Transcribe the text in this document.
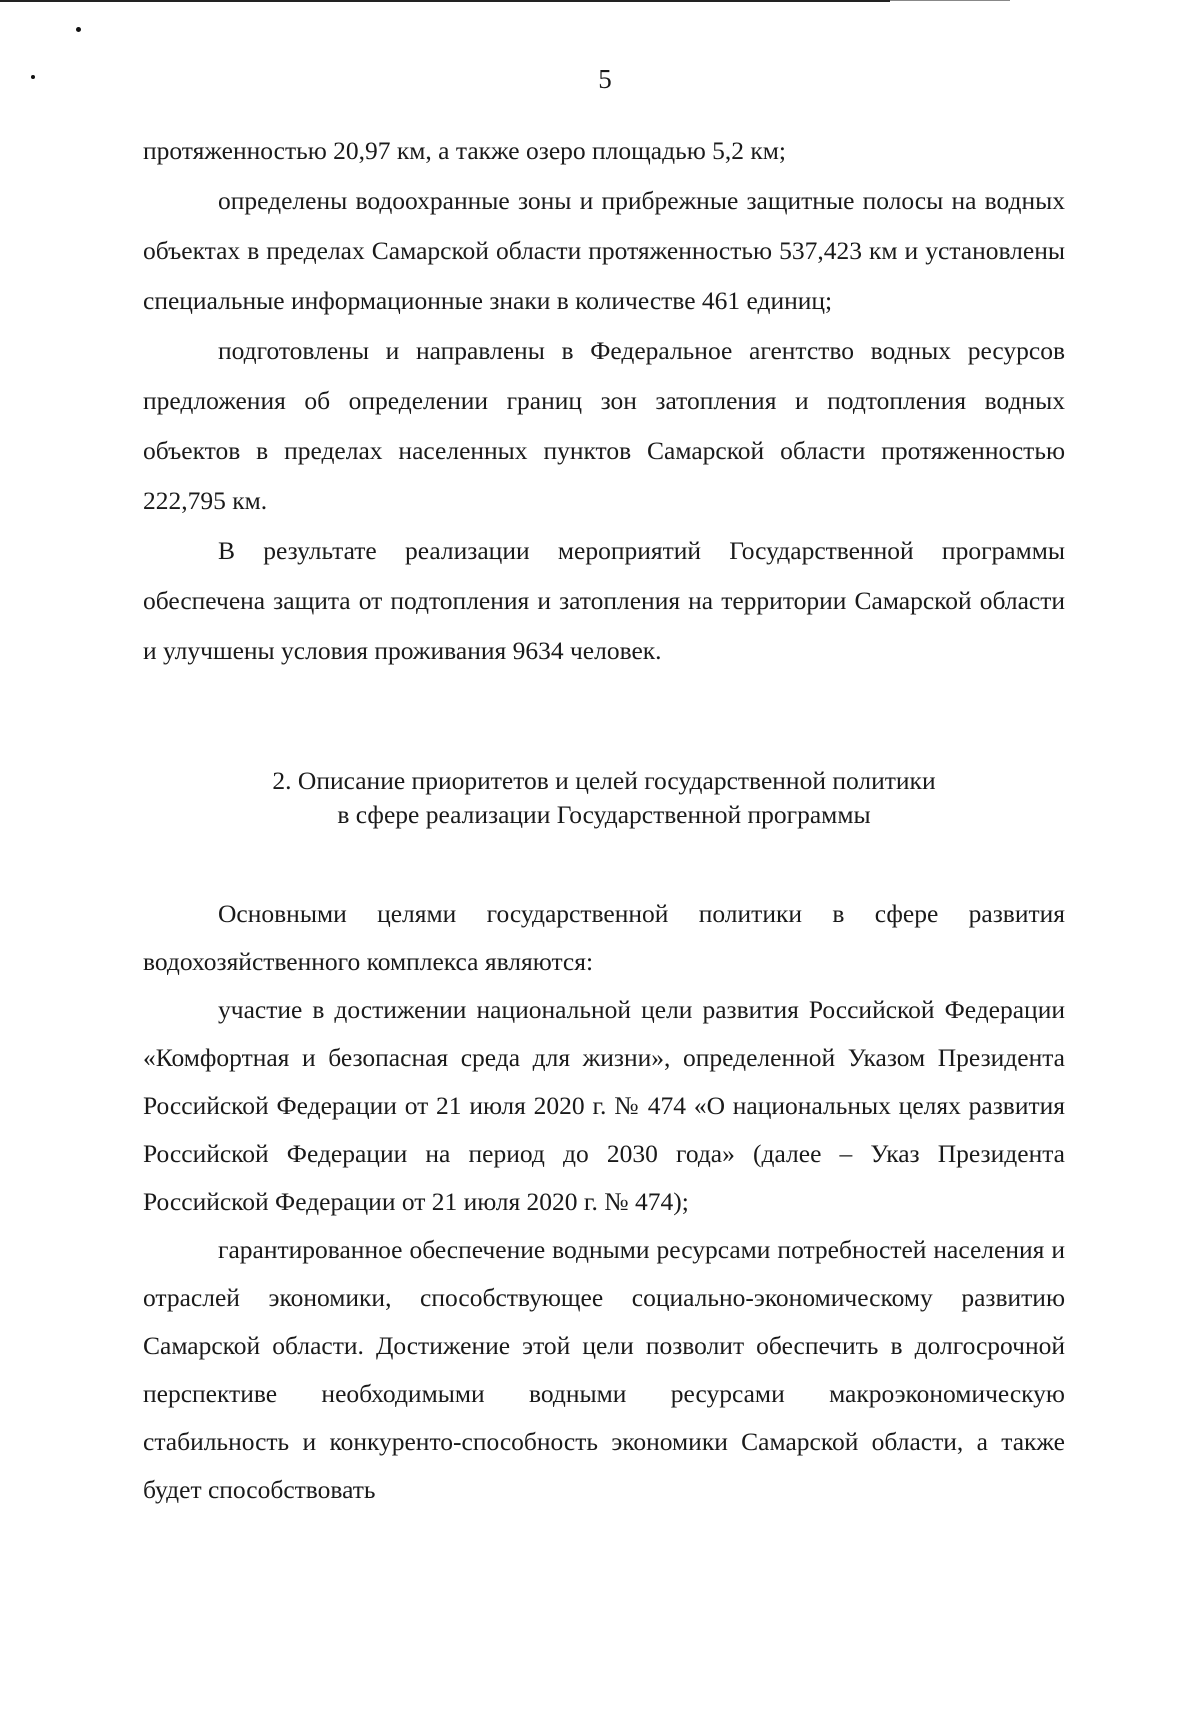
5

протяженностью 20,97 км, а также озеро площадью 5,2 км;

определены водоохранные зоны и прибрежные защитные полосы на водных объектах в пределах Самарской области протяженностью 537,423 км и установлены специальные информационные знаки в количестве 461 единиц;

подготовлены и направлены в Федеральное агентство водных ресурсов предложения об определении границ зон затопления и подтопления водных объектов в пределах населенных пунктов Самарской области протяженностью 222,795 км.

В результате реализации мероприятий Государственной программы обеспечена защита от подтопления и затопления на территории Самарской области и улучшены условия проживания 9634 человек.

2. Описание приоритетов и целей государственной политики
в сфере реализации Государственной программы

Основными целями государственной политики в сфере развития водохозяйственного комплекса являются:

участие в достижении национальной цели развития Российской Федерации «Комфортная и безопасная среда для жизни», определенной Указом Президента Российской Федерации от 21 июля 2020 г. № 474 «О национальных целях развития Российской Федерации на период до 2030 года» (далее – Указ Президента Российской Федерации от 21 июля 2020 г. № 474);

гарантированное обеспечение водными ресурсами потребностей населения и отраслей экономики, способствующее социально-экономическому развитию Самарской области. Достижение этой цели позволит обеспечить в долгосрочной перспективе необходимыми водными ресурсами макроэкономическую стабильность и конкуренто-способность экономики Самарской области, а также будет способствовать
